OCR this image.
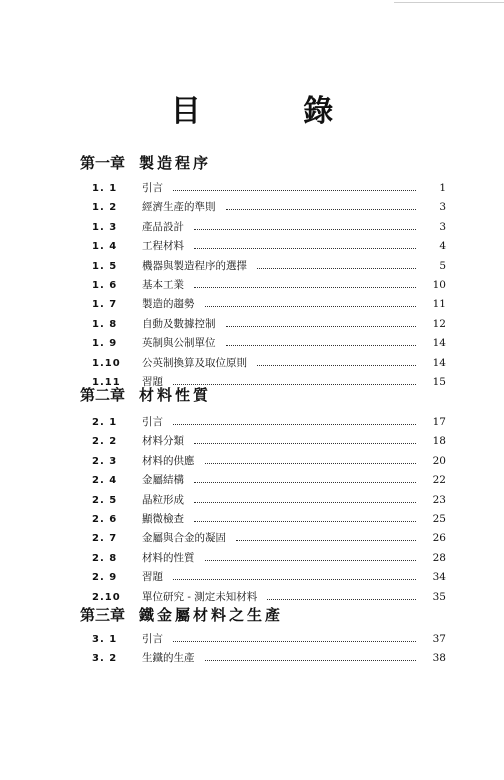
目 錄
第一章 製造程序
1. 1	引言	1
1. 2	經濟生產的準則	3
1. 3	產品設計	3
1. 4	工程材料	4
1. 5	機器與製造程序的選擇	5
1. 6	基本工業	10
1. 7	製造的趨勢	11
1. 8	自動及數據控制	12
1. 9	英制與公制單位	14
1.10	公英制換算及取位原則	14
1.11	習題	15
第二章 材料性質
2. 1	引言	17
2. 2	材料分類	18
2. 3	材料的供應	20
2. 4	金屬結構	22
2. 5	晶粒形成	23
2. 6	顯微檢查	25
2. 7	金屬與合金的凝固	26
2. 8	材料的性質	28
2. 9	習題	34
2.10	單位研究 - 測定未知材料	35
第三章 鐵金屬材料之生產
3. 1	引言	37
3. 2	生鐵的生產	38
